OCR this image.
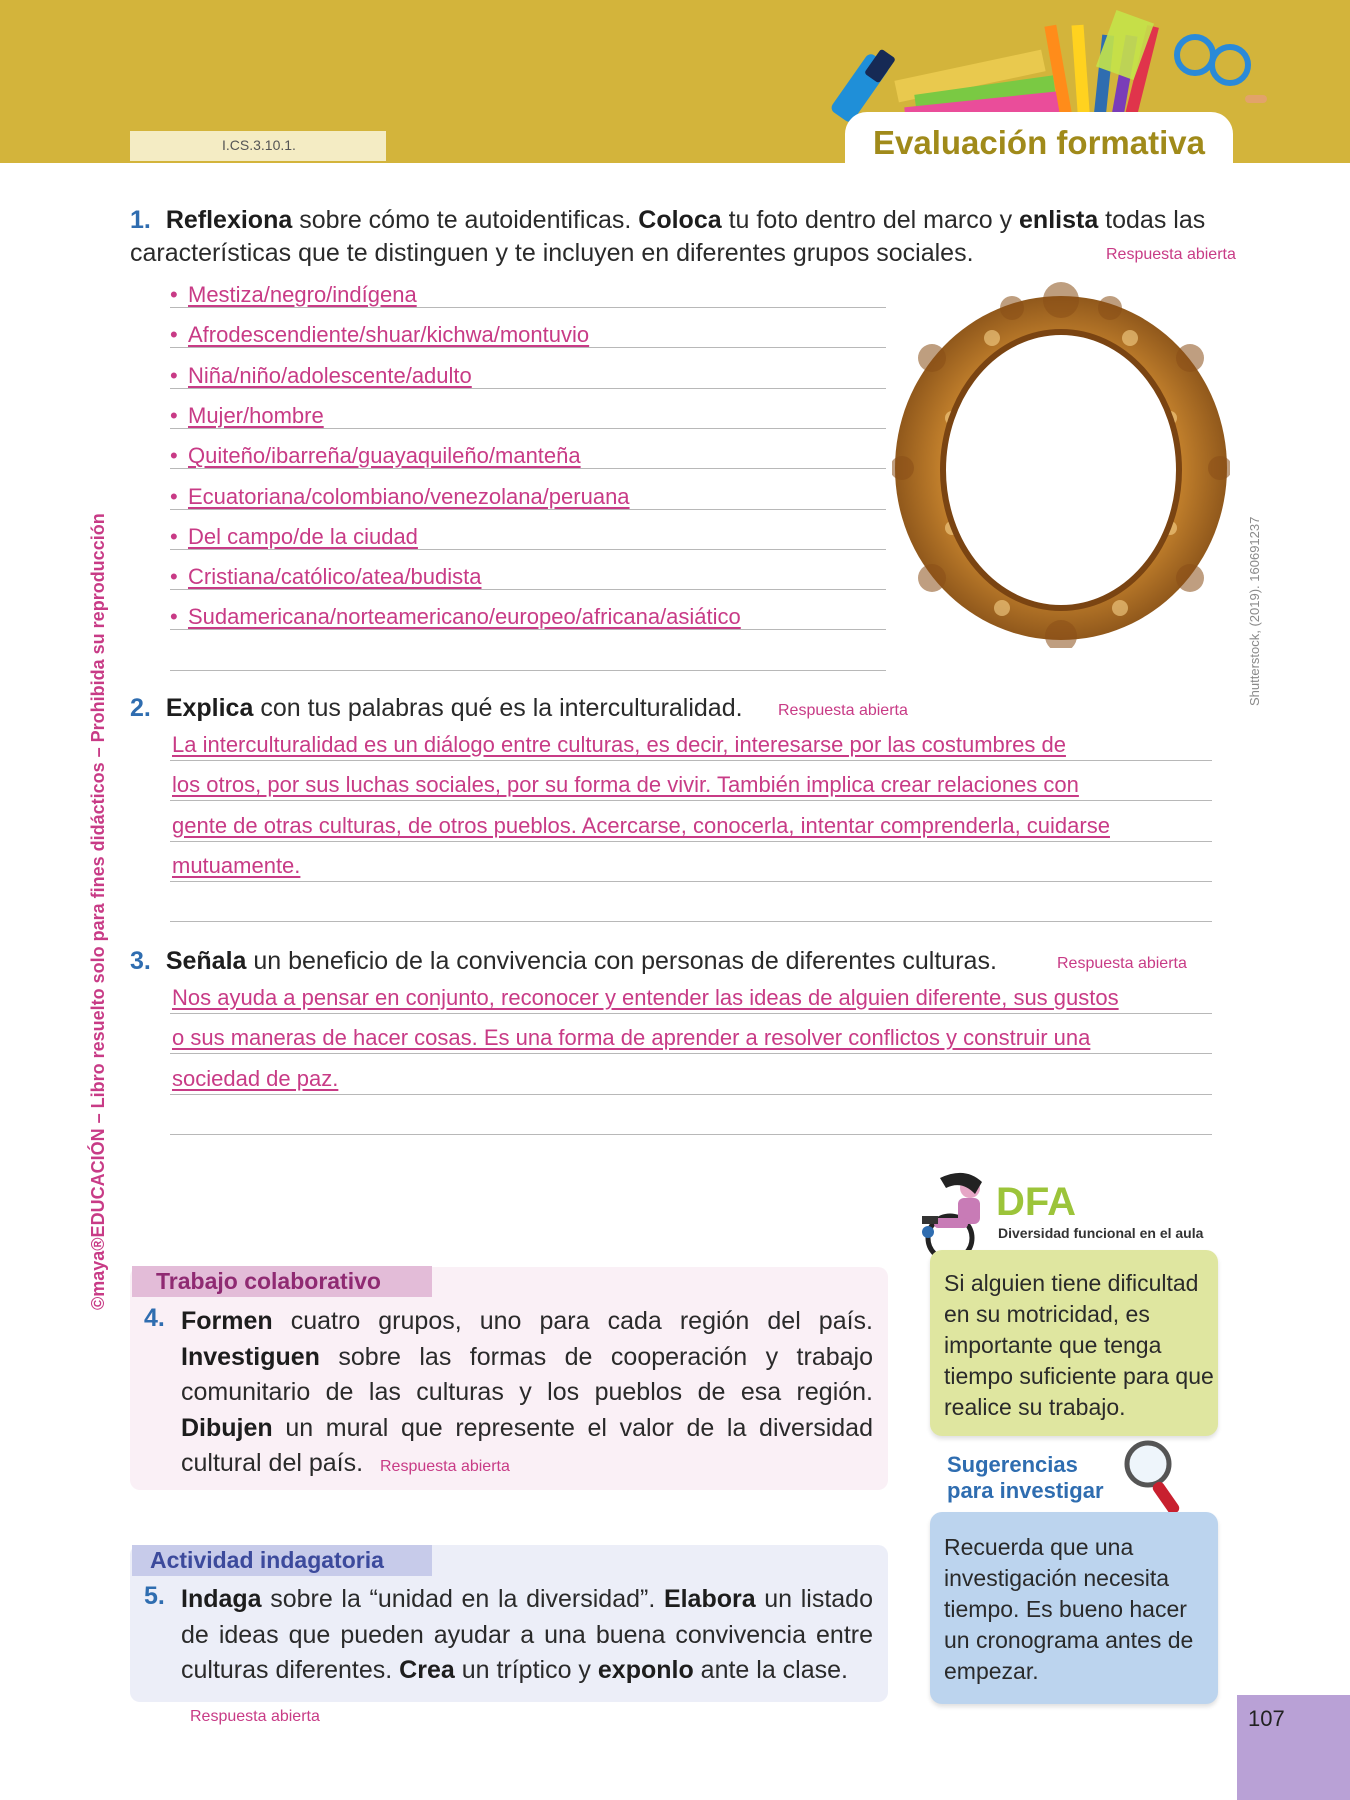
I.CS.3.10.1.	Evaluación formativa
©maya®EDUCACIÓN – Libro resuelto solo para fines didácticos – Prohibida su reproducción	Shutterstock, (2019). 160691237
1. Reflexiona sobre cómo te autoidentificas. Coloca tu foto dentro del marco y enlista todas las características que te distinguen y te incluyen en diferentes grupos sociales.	Respuesta abierta
• Mestiza/negro/indígena
• Afrodescendiente/shuar/kichwa/montuvio
• Niña/niño/adolescente/adulto
• Mujer/hombre
• Quiteño/ibarreña/guayaquileño/manteña
• Ecuatoriana/colombiano/venezolana/peruana
• Del campo/de la ciudad
• Cristiana/católico/atea/budista
• Sudamericana/norteamericano/europeo/africana/asiático
2. Explica con tus palabras qué es la interculturalidad. Respuesta abierta
La interculturalidad es un diálogo entre culturas, es decir, interesarse por las costumbres de
los otros, por sus luchas sociales, por su forma de vivir. También implica crear relaciones con
gente de otras culturas, de otros pueblos. Acercarse, conocerla, intentar comprenderla, cuidarse
mutuamente.
3. Señala un beneficio de la convivencia con personas de diferentes culturas.	Respuesta abierta
Nos ayuda a pensar en conjunto, reconocer y entender las ideas de alguien diferente, sus gustos
o sus maneras de hacer cosas. Es una forma de aprender a resolver conflictos y construir una
sociedad de paz.
Trabajo colaborativo
4. Formen cuatro grupos, uno para cada región del país. Investiguen sobre las formas de cooperación y trabajo comunitario de las culturas y los pueblos de esa región. Dibujen un mural que represente el valor de la diversidad cultural del país. Respuesta abierta
Actividad indagatoria
5. Indaga sobre la “unidad en la diversidad”. Elabora un listado de ideas que pueden ayudar a una buena convivencia entre culturas diferentes. Crea un tríptico y exponlo ante la clase.
Respuesta abierta
DFA
Diversidad funcional en el aula
Si alguien tiene dificultad en su motricidad, es importante que tenga tiempo suficiente para que realice su trabajo.
Sugerencias
para investigar
Recuerda que una investigación necesita tiempo. Es bueno hacer un cronograma antes de empezar.
107
